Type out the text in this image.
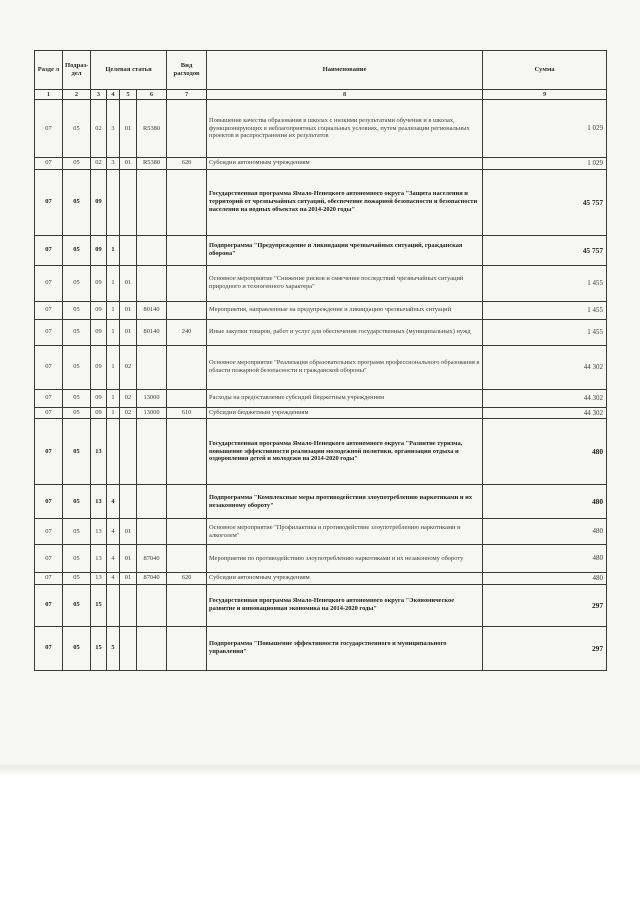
Разде л	Подраз- дел	Целевая статья				Вид расходов	Наименование	Сумма
1	2	3	4	5	6	7	8	9
07	05	02	3	01	R5380		Повышение качества образования в школах с низкими результатами обучения и в школах, функционирующих в неблагоприятных социальных условиях, путем реализации региональных проектов и распространения их результатов	1 029
07	05	02	3	01	R5380	620	Субсидии автономным учреждениям	1 029
07	05	09					Государственная программа Ямало-Ненецкого автономного округа "Защита населения и территорий от чрезвычайных ситуаций, обеспечение пожарной безопасности и безопасности населения на водных объектах на 2014-2020 годы"	45 757
07	05	09	1				Подпрограмма "Предупреждение и ликвидация чрезвычайных ситуаций, гражданская оборона"	45 757
07	05	09	1	01			Основное мероприятие "Снижение рисков и смягчение последствий чрезвычайных ситуаций природного и техногенного характера"	1 455
07	05	09	1	01	80140		Мероприятия, направленные на предупреждение и ликвидацию чрезвычайных ситуаций	1 455
07	05	09	1	01	80140	240	Иные закупки товаров, работ и услуг для обеспечения государственных (муниципальных) нужд	1 455
07	05	09	1	02			Основное мероприятие "Реализация образовательных программ профессионального образования в области пожарной безопасности и гражданской обороны"	44 302
07	05	09	1	02	13000		Расходы на предоставление субсидий бюджетным учреждениям	44 302
07	05	09	1	02	13000	610	Субсидии бюджетным учреждениям	44 302
07	05	13					Государственная программа Ямало-Ненецкого автономного округа "Развитие туризма, повышение эффективности реализации молодежной политики, организация отдыха и оздоровления детей и молодежи на 2014-2020 годы"	480
07	05	13	4				Подпрограмма "Комплексные меры противодействия злоупотреблению наркотиками и их незаконному обороту"	480
07	05	13	4	01			Основное мероприятие "Профилактика и противодействие злоупотреблению наркотиками и алкоголем"	480
07	05	13	4	01	87040		Мероприятия по противодействию злоупотреблению наркотиками и их незаконному обороту	480
07	05	13	4	01	87040	620	Субсидии автономным учреждениям	480
07	05	15					Государственная программа Ямало-Ненецкого автономного округа "Экономическое развитие и инновационная экономика на 2014-2020 годы"	297
07	05	15	5				Подпрограмма "Повышение эффективности государственного и муниципального управления"	297
